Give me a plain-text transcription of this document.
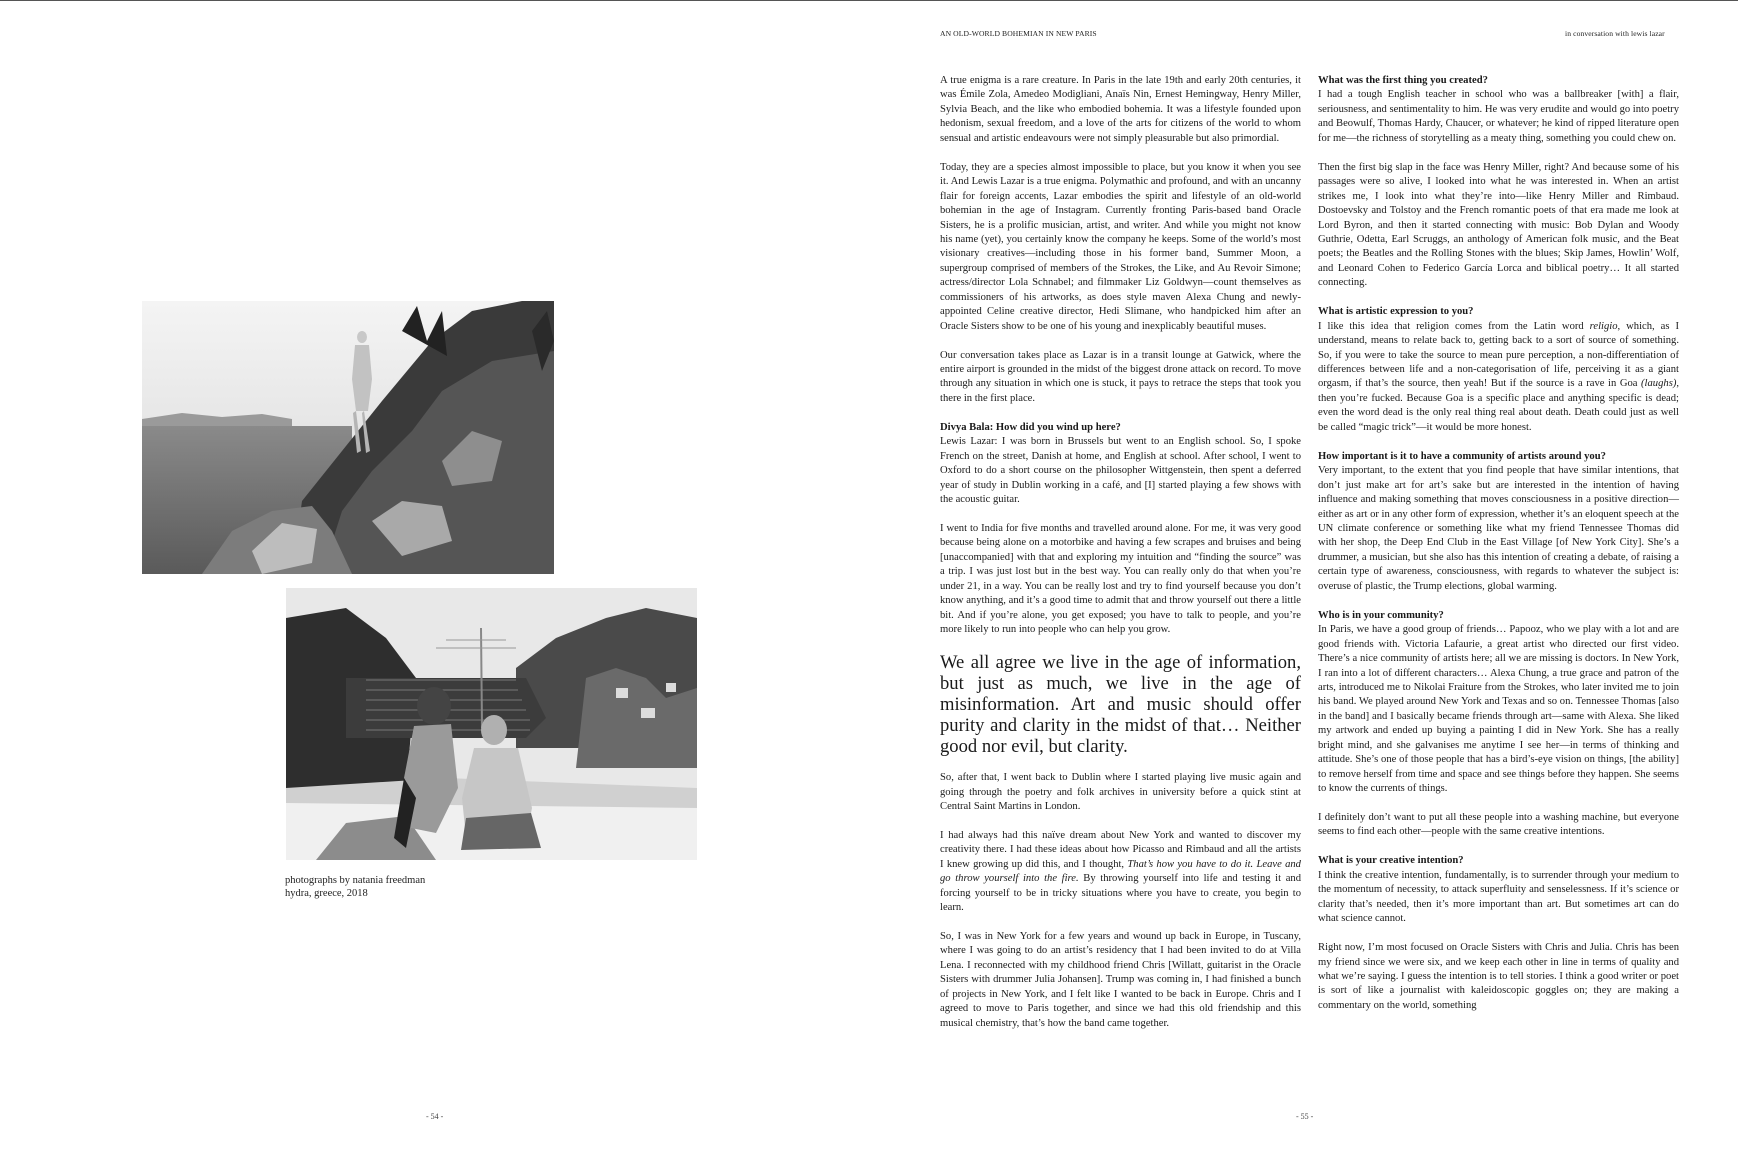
photographs by natania freedman
hydra, greece, 2018
- 54 -	- 55 -
AN OLD-WORLD BOHEMIAN IN NEW PARIS	in conversation with lewis lazar

A true enigma is a rare creature. In Paris in the late 19th and early 20th centuries, it was Émile Zola, Amedeo Modigliani, Anaïs Nin, Ernest Hemingway, Henry Miller, Sylvia Beach, and the like who embodied bohemia. It was a lifestyle founded upon hedonism, sexual freedom, and a love of the arts for citizens of the world to whom sensual and artistic endeavours were not simply pleasurable but also primordial.

Today, they are a species almost impossible to place, but you know it when you see it. And Lewis Lazar is a true enigma. Polymathic and profound, and with an uncanny flair for foreign accents, Lazar embodies the spirit and lifestyle of an old-world bohemian in the age of Instagram. Currently fronting Paris-based band Oracle Sisters, he is a prolific musician, artist, and writer. And while you might not know his name (yet), you certainly know the company he keeps. Some of the world’s most visionary creatives—including those in his former band, Summer Moon, a supergroup comprised of members of the Strokes, the Like, and Au Revoir Simone; actress/director Lola Schnabel; and filmmaker Liz Goldwyn—count themselves as commissioners of his artworks, as does style maven Alexa Chung and newly-appointed Celine creative director, Hedi Slimane, who handpicked him after an Oracle Sisters show to be one of his young and inexplicably beautiful muses.

Our conversation takes place as Lazar is in a transit lounge at Gatwick, where the entire airport is grounded in the midst of the biggest drone attack on record. To move through any situation in which one is stuck, it pays to retrace the steps that took you there in the first place.

Divya Bala: How did you wind up here?

Lewis Lazar: I was born in Brussels but went to an English school. So, I spoke French on the street, Danish at home, and English at school. After school, I went to Oxford to do a short course on the philosopher Wittgenstein, then spent a deferred year of study in Dublin working in a café, and [I] started playing a few shows with the acoustic guitar.

I went to India for five months and travelled around alone. For me, it was very good because being alone on a motorbike and having a few scrapes and bruises and being [unaccompanied] with that and exploring my intuition and “finding the source” was a trip. I was just lost but in the best way. You can really only do that when you’re under 21, in a way. You can be really lost and try to find yourself because you don’t know anything, and it’s a good time to admit that and throw yourself out there a little bit. And if you’re alone, you get exposed; you have to talk to people, and you’re more likely to run into people who can help you grow.

We all agree we live in the age of information, but just as much, we live in the age of misinformation. Art and music should offer purity and clarity in the midst of that… Neither good nor evil, but clarity.

So, after that, I went back to Dublin where I started playing live music again and going through the poetry and folk archives in university before a quick stint at Central Saint Martins in London.

I had always had this naïve dream about New York and wanted to discover my creativity there. I had these ideas about how Picasso and Rimbaud and all the artists I knew growing up did this, and I thought, That’s how you have to do it. Leave and go throw yourself into the fire. By throwing yourself into life and testing it and forcing yourself to be in tricky situations where you have to create, you begin to learn.

So, I was in New York for a few years and wound up back in Europe, in Tuscany, where I was going to do an artist’s residency that I had been invited to do at Villa Lena. I reconnected with my childhood friend Chris [Willatt, guitarist in the Oracle Sisters with drummer Julia Johansen]. Trump was coming in, I had finished a bunch of projects in New York, and I felt like I wanted to be back in Europe. Chris and I agreed to move to Paris together, and since we had this old friendship and this musical chemistry, that’s how the band came together.

What was the first thing you created?

I had a tough English teacher in school who was a ballbreaker [with] a flair, seriousness, and sentimentality to him. He was very erudite and would go into poetry and Beowulf, Thomas Hardy, Chaucer, or whatever; he kind of ripped literature open for me—the richness of storytelling as a meaty thing, something you could chew on.

Then the first big slap in the face was Henry Miller, right? And because some of his passages were so alive, I looked into what he was interested in. When an artist strikes me, I look into what they’re into—like Henry Miller and Rimbaud. Dostoevsky and Tolstoy and the French romantic poets of that era made me look at Lord Byron, and then it started connecting with music: Bob Dylan and Woody Guthrie, Odetta, Earl Scruggs, an anthology of American folk music, and the Beat poets; the Beatles and the Rolling Stones with the blues; Skip James, Howlin’ Wolf, and Leonard Cohen to Federico García Lorca and biblical poetry… It all started connecting.

What is artistic expression to you?

I like this idea that religion comes from the Latin word religio, which, as I understand, means to relate back to, getting back to a sort of source of something. So, if you were to take the source to mean pure perception, a non-differentiation of differences between life and a non-categorisation of life, perceiving it as a giant orgasm, if that’s the source, then yeah! But if the source is a rave in Goa (laughs), then you’re fucked. Because Goa is a specific place and anything specific is dead; even the word dead is the only real thing real about death. Death could just as well be called “magic trick”—it would be more honest.

How important is it to have a community of artists around you?

Very important, to the extent that you find people that have similar intentions, that don’t just make art for art’s sake but are interested in the intention of having influence and making something that moves consciousness in a positive direction—either as art or in any other form of expression, whether it’s an eloquent speech at the UN climate conference or something like what my friend Tennessee Thomas did with her shop, the Deep End Club in the East Village [of New York City]. She’s a drummer, a musician, but she also has this intention of creating a debate, of raising a certain type of awareness, consciousness, with regards to whatever the subject is: overuse of plastic, the Trump elections, global warming.

Who is in your community?

In Paris, we have a good group of friends… Papooz, who we play with a lot and are good friends with. Victoria Lafaurie, a great artist who directed our first video. There’s a nice community of artists here; all we are missing is doctors. In New York, I ran into a lot of different characters… Alexa Chung, a true grace and patron of the arts, introduced me to Nikolai Fraiture from the Strokes, who later invited me to join his band. We played around New York and Texas and so on. Tennessee Thomas [also in the band] and I basically became friends through art—same with Alexa. She liked my artwork and ended up buying a painting I did in New York. She has a really bright mind, and she galvanises me anytime I see her—in terms of thinking and attitude. She’s one of those people that has a bird’s-eye vision on things, [the ability] to remove herself from time and space and see things before they happen. She seems to know the currents of things.

I definitely don’t want to put all these people into a washing machine, but everyone seems to find each other—people with the same creative intentions.

What is your creative intention?

I think the creative intention, fundamentally, is to surrender through your medium to the momentum of necessity, to attack superfluity and senselessness. If it’s science or clarity that’s needed, then it’s more important than art. But sometimes art can do what science cannot.

Right now, I’m most focused on Oracle Sisters with Chris and Julia. Chris has been my friend since we were six, and we keep each other in line in terms of quality and what we’re saying. I guess the intention is to tell stories. I think a good writer or poet is sort of like a journalist with kaleidoscopic goggles on; they are making a commentary on the world, something
